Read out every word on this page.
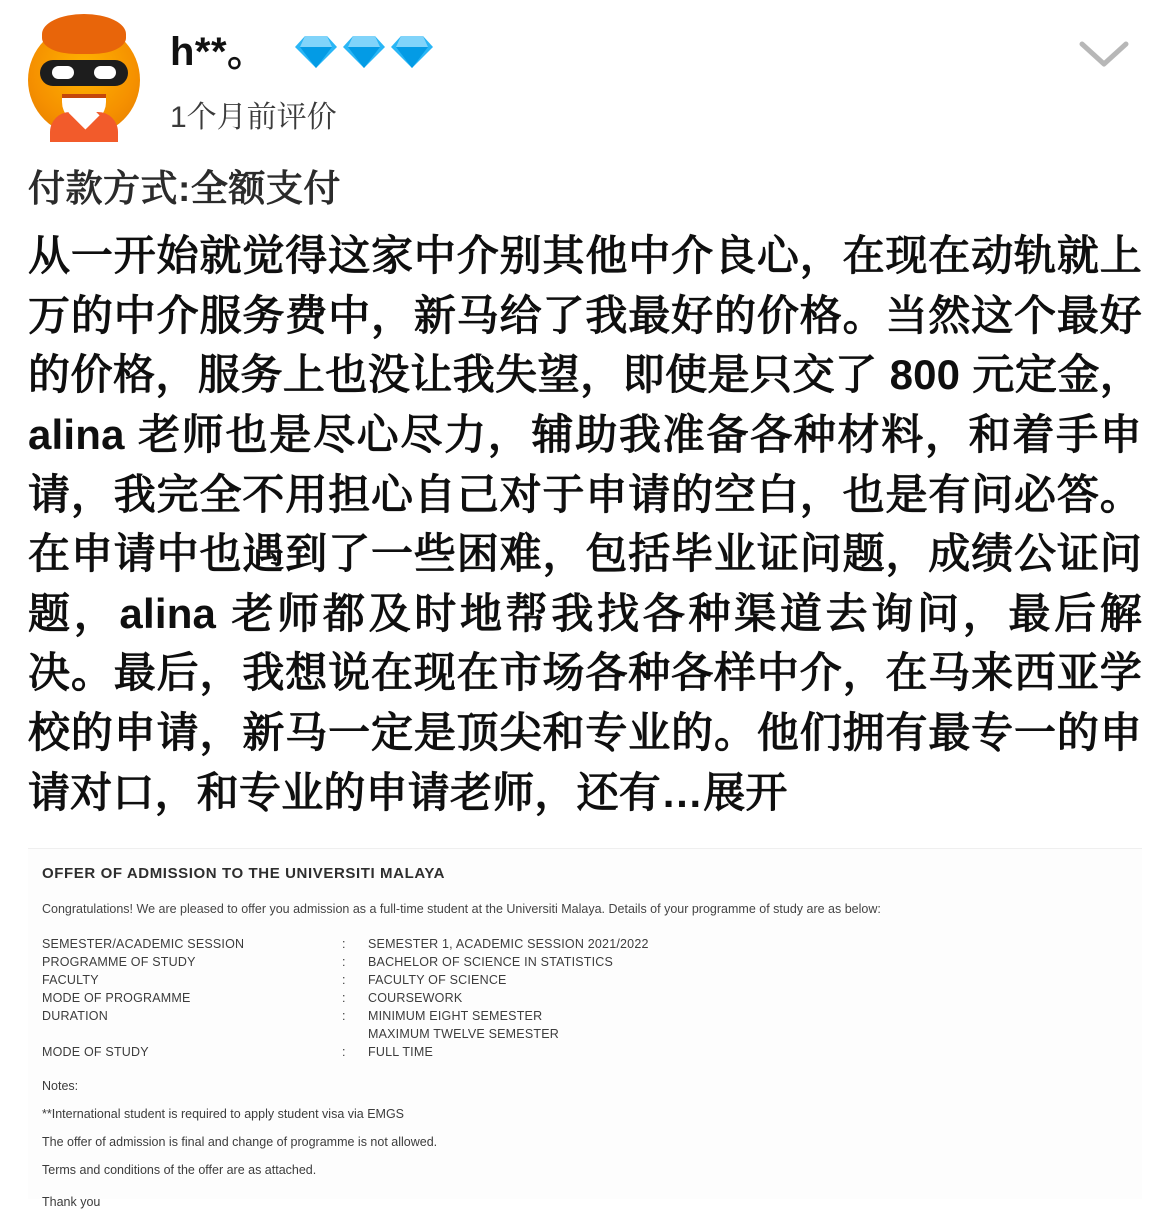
h**。
1个月前评价
付款方式:全额支付
从一开始就觉得这家中介别其他中介良心，在现在动轨就上万的中介服务费中，新马给了我最好的价格。当然这个最好的价格，服务上也没让我失望，即使是只交了 800 元定金，alina 老师也是尽心尽力，辅助我准备各种材料，和着手申请，我完全不用担心自己对于申请的空白，也是有问必答。在申请中也遇到了一些困难，包括毕业证问题，成绩公证问题，alina 老师都及时地帮我找各种渠道去询问，最后解决。最后，我想说在现在市场各种各样中介，在马来西亚学校的申请，新马一定是顶尖和专业的。他们拥有最专一的申请对口，和专业的申请老师，还有…展开
OFFER OF ADMISSION TO THE UNIVERSITI MALAYA
Congratulations! We are pleased to offer you admission as a full-time student at the Universiti Malaya. Details of your programme of study are as below:
SEMESTER/ACADEMIC SESSION	:	SEMESTER 1, ACADEMIC SESSION 2021/2022
PROGRAMME OF STUDY	:	BACHELOR OF SCIENCE IN STATISTICS
FACULTY	:	FACULTY OF SCIENCE
MODE OF PROGRAMME	:	COURSEWORK
DURATION	:	MINIMUM EIGHT SEMESTER
		MAXIMUM TWELVE SEMESTER
MODE OF STUDY	:	FULL TIME
Notes:
**International student is required to apply student visa via EMGS
The offer of admission is final and change of programme is not allowed.
Terms and conditions of the offer are as attached.
Thank you
